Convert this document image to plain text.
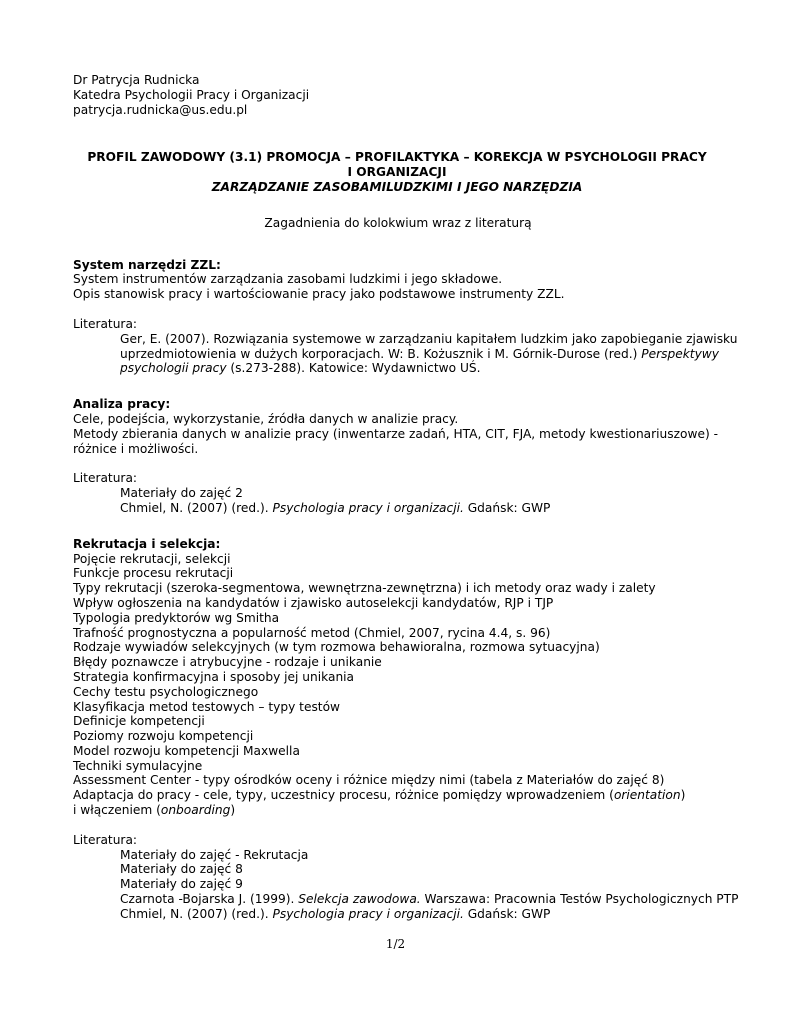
Dr Patrycja Rudnicka
Katedra Psychologii Pracy i Organizacji
patrycja.rudnicka@us.edu.pl
PROFIL ZAWODOWY (3.1) PROMOCJA – PROFILAKTYKA – KOREKCJA W PSYCHOLOGII PRACY
I ORGANIZACJI
ZARZĄDZANIE ZASOBAMILUDZKIMI I JEGO NARZĘDZIA
Zagadnienia do kolokwium wraz z literaturą
System narzędzi ZZL:
System instrumentów zarządzania zasobami ludzkimi i jego składowe.
Opis stanowisk pracy i wartościowanie pracy jako podstawowe instrumenty ZZL.
Literatura:
Ger, E. (2007). Rozwiązania systemowe w zarządzaniu kapitałem ludzkim jako zapobieganie zjawisku
uprzedmiotowienia w dużych korporacjach. W: B. Kożusznik i M. Górnik-Durose (red.) Perspektywy
psychologii pracy (s.273-288). Katowice: Wydawnictwo UŚ.
Analiza pracy:
Cele, podejścia, wykorzystanie, źródła danych w analizie pracy.
Metody zbierania danych w analizie pracy (inwentarze zadań, HTA, CIT, FJA, metody kwestionariuszowe) -
różnice i możliwości.
Literatura:
Materiały do zajęć 2
Chmiel, N. (2007) (red.). Psychologia pracy i organizacji. Gdańsk: GWP
Rekrutacja i selekcja:
Pojęcie rekrutacji, selekcji
Funkcje procesu rekrutacji
Typy rekrutacji (szeroka-segmentowa, wewnętrzna-zewnętrzna) i ich metody oraz wady i zalety
Wpływ ogłoszenia na kandydatów i zjawisko autoselekcji kandydatów, RJP i TJP
Typologia predyktorów wg Smitha
Trafność prognostyczna a popularność metod (Chmiel, 2007, rycina 4.4, s. 96)
Rodzaje wywiadów selekcyjnych (w tym rozmowa behawioralna, rozmowa sytuacyjna)
Błędy poznawcze i atrybucyjne - rodzaje i unikanie
Strategia konfirmacyjna i sposoby jej unikania
Cechy testu psychologicznego
Klasyfikacja metod testowych – typy testów
Definicje kompetencji
Poziomy rozwoju kompetencji
Model rozwoju kompetencji Maxwella
Techniki symulacyjne
Assessment Center - typy ośrodków oceny i różnice między nimi (tabela z Materiałów do zajęć 8)
Adaptacja do pracy - cele, typy, uczestnicy procesu, różnice pomiędzy wprowadzeniem (orientation)
i włączeniem (onboarding)
Literatura:
Materiały do zajęć - Rekrutacja
Materiały do zajęć 8
Materiały do zajęć 9
Czarnota -Bojarska J. (1999). Selekcja zawodowa. Warszawa: Pracownia Testów Psychologicznych PTP
Chmiel, N. (2007) (red.). Psychologia pracy i organizacji. Gdańsk: GWP
1/2
